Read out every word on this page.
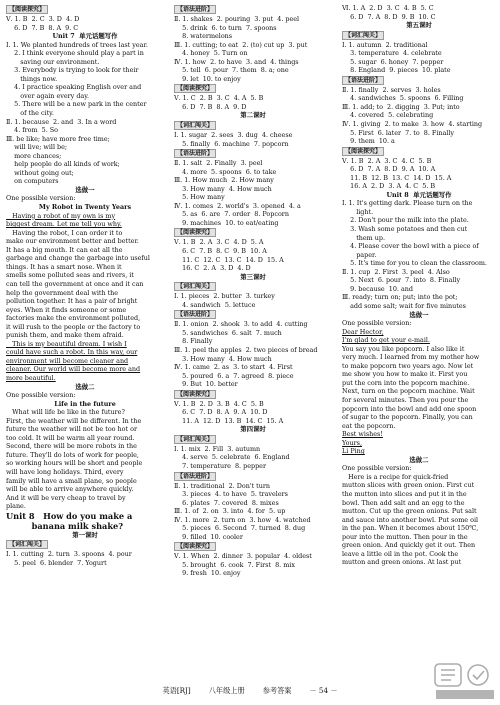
【阅读探究】
Ⅴ. 1. B  2. C  3. D  4. D
6. D  7. B  8. A  9. C
Unit 7  单元话题写作
Ⅰ. 1. We planted hundreds of trees last year.
2. I think everyone should play a part in
saving our environment.
3. Everybody is trying to look for their
things now.
4. I practice speaking English over and
over again every day.
5. There will be a new park in the center
of the city.
Ⅱ. 1. because  2. and  3. In a word
4. from  5. So
Ⅲ. be like; have more free time;
will live; will be;
more chances;
help people do all kinds of work;
without going out;
on computers
选做一
One possible version:
My Robot in Twenty Years
Having a robot of my own is my
biggest dream. Let me tell you why.
Having the robot, I can order it to
make our environment better and better.
It has a big mouth. It can eat all the
garbage and change the garbage into useful
things. It has a smart nose. When it
smells some polluted seas and rivers, it
can tell the government at once and it can
help the government deal with the
pollution together. It has a pair of bright
eyes. When it finds someone or some
factories make the environment polluted,
it will rush to the people or the factory to
punish them, and make them afraid.
This is my beautiful dream. I wish I
could have such a robot. In this way, our
environment will become cleaner and
cleaner. Our world will become more and
more beautiful.
选做二
One possible version:
Life in the future
What will life be like in the future?
First, the weather will be different. In the
future the weather will not be too hot or
too cold. It will be warm all year round.
Second, there will be more robots in the
future. They'll do lots of work for people,
so working hours will be short and people
will have long holidays. Third, every
family will have a small plane, so people
will be able to arrive anywhere quickly.
And it will be very cheap to travel by
plane.
Unit 8   How do you make a
banana milk shake?
第一课时
【词汇闯关】
Ⅰ. 1. cutting  2. turn  3. spoons  4. pour
5. peel  6. blender  7. Yogurt
【语法进阶】
Ⅱ. 1. shakes  2. pouring  3. put  4. peel
5. drink  6. to turn  7. spoons
8. watermelons
Ⅲ. 1. cutting; to eat  2. (to) cut up  3. put
4. honey  5. Turn on
Ⅳ. 1. how  2. to have  3. and  4. things
5. tell  6. pour  7. them  8. a; one
9. let  10. to enjoy
【阅读探究】
Ⅴ. 1. C  2. B  3. C  4. A  5. B
6. D  7. B  8. A  9. D
第二课时
【词汇闯关】
Ⅰ. 1. sugar  2. sees  3. dug  4. cheese
5. finally  6. machine  7. popcorn
【语法进阶】
Ⅱ. 1. salt  2. Finally  3. peel
4. more  5. spoons  6. to take
Ⅲ. 1. How much  2. How many
3. How many  4. How much
5. How many
Ⅳ. 1. comes  2. world's  3. opened  4. a
5. as  6. are  7. order  8. Popcorn
9. machines  10. to eat/eating
【阅读探究】
Ⅴ. 1. B  2. A  3. C  4. D  5. A
6. C  7. B  8. C  9. B  10. A
11. C  12. C  13. C  14. D  15. A
16. C  2. A  3. D  4. D
第三课时
【词汇闯关】
Ⅰ. 1. pieces  2. butter  3. turkey
4. sandwich  5. lettuce
【语法进阶】
Ⅱ. 1. onion  2. shook  3. to add  4. cutting
5. sandwiches  6. salt  7. much
8. Finally
Ⅲ. 1. peel the apples  2. two pieces of bread
3. How many  4. How much
Ⅳ. 1. came  2. as  3. to start  4. First
5. poured  6. a  7. agreed  8. piece
9. But  10. better
【阅读探究】
Ⅴ. 1. B  2. D  3. B  4. C  5. B
6. C  7. D  8. A  9. A  10. D
11. A  12. D  13. B  14. C  15. A
第四课时
【词汇闯关】
Ⅰ. 1. mix  2. Fill  3. autumn
4. serve  5. celebrate  6. England
7. temperature  8. pepper
【语法进阶】
Ⅱ. 1. traditional  2. Don't turn
3. pieces  4. to have  5. travelers
6. plates  7. covered  8. mixes
Ⅲ. 1. of  2. on  3. into  4. for  5. up
Ⅳ. 1. more  2. turn on  3. how  4. watched
5. pieces  6. Second  7. turned  8. dug
9. filled  10. cooler
【阅读探究】
Ⅴ. 1. When  2. dinner  3. popular  4. oldest
5. brought  6. cook  7. First  8. mix
9. fresh  10. enjoy
Ⅵ. 1. A  2. D  3. C  4. B  5. C
6. D  7. A  8. D  9. B  10. C
第五课时
【词汇闯关】
Ⅰ. 1. autumn  2. traditional
3. temperature  4. celebrate
5. sugar  6. honey  7. pepper
8. England  9. pieces  10. plate
【语法进阶】
Ⅱ. 1. finally  2. serves  3. holes
4. sandwiches  5. spoons  6. Filling
Ⅲ. 1. add; to  2. digging  3. Put; into
4. covered  5. celebrating
Ⅳ. 1. giving  2. to make  3. how  4. starting
5. First  6. later  7. to  8. Finally
9. them  10. a
【阅读探究】
Ⅴ. 1. B  2. A  3. C  4. C  5. B
6. D  7. A  8. D  9. A  10. A
11. B  12. B  13. C  14. D  15. A
16. A  2. D  3. A  4. C  5. B
Unit 8  单元话题写作
Ⅰ. 1. It's getting dark. Please turn on the
light.
2. Don't pour the milk into the plate.
3. Wash some potatoes and then cut
them up.
4. Please cover the bowl with a piece of
paper.
5. It's time for you to clean the classroom.
Ⅱ. 1. cup  2. First  3. peel  4. Also
5. Next  6. pour  7. into  8. Finally
9. because  10. and
Ⅲ. ready; turn on; put; into the pot;
add some salt; wait for five minutes
选做一
One possible version:
Dear Hector,
I'm glad to get your e-mail.
You say you like popcorn. I also like it
very much. I learned from my mother how
to make popcorn two years ago. Now let
me show you how to make it. First you
put the corn into the popcorn machine.
Next, turn on the popcorn machine. Wait
for several minutes. Then you pour the
popcorn into the bowl and add one spoon
of sugar to the popcorn. Finally, you can
eat the popcorn.
Best wishes!
Yours,
Li Ping
选做二
One possible version:
Here is a recipe for quick-fried
mutton slices with green onion. First cut
the mutton into slices and put it in the
bowl. Then add salt and an egg to the
mutton. Cut up the green onions. Put salt
and sauce into another bowl. Put some oil
in the pan. When it becomes about 150℃,
pour into the mutton. Then pour in the
green onion. And quickly get it out. Then
leave a little oil in the pot. Cook the
mutton and green onions. At last put
英语[RJ]	八年级上册	参考答案	－ 54 －
